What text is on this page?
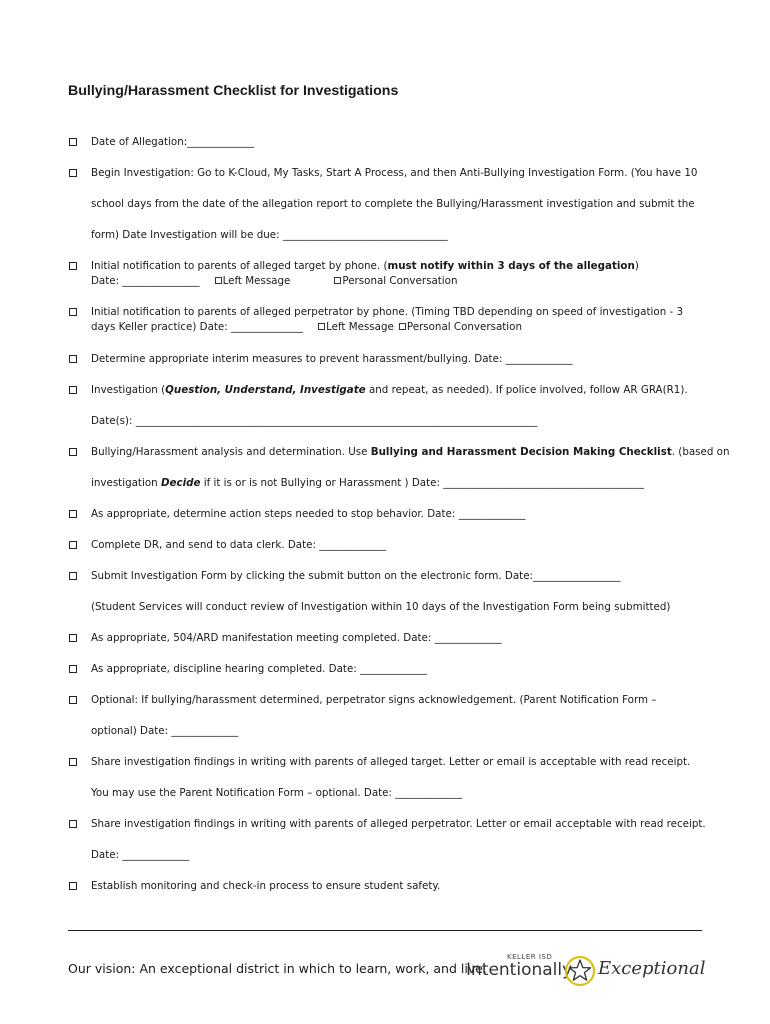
Bullying/Harassment Checklist for Investigations
Date of Allegation:_____________
Begin Investigation: Go to K-Cloud, My Tasks, Start A Process, and then Anti-Bullying Investigation Form. (You have 10
school days from the date of the allegation report to complete the Bullying/Harassment investigation and submit the
form) Date Investigation will be due: ________________________________
Initial notification to parents of alleged target by phone. (must notify within 3 days of the allegation)
Date: _______________ Left Message	Personal Conversation
Initial notification to parents of alleged perpetrator by phone. (Timing TBD depending on speed of investigation - 3
days Keller practice) Date: ______________ Left Message Personal Conversation
Determine appropriate interim measures to prevent harassment/bullying. Date: _____________
Investigation (Question, Understand, Investigate and repeat, as needed). If police involved, follow AR GRA(R1).
Date(s): ______________________________________________________________________________
Bullying/Harassment analysis and determination. Use Bullying and Harassment Decision Making Checklist. (based on
investigation Decide if it is or is not Bullying or Harassment ) Date: _______________________________________
As appropriate, determine action steps needed to stop behavior. Date: _____________
Complete DR, and send to data clerk. Date: _____________
Submit Investigation Form by clicking the submit button on the electronic form. Date:_________________
(Student Services will conduct review of Investigation within 10 days of the Investigation Form being submitted)
As appropriate, 504/ARD manifestation meeting completed. Date: _____________
As appropriate, discipline hearing completed. Date: _____________
Optional: If bullying/harassment determined, perpetrator signs acknowledgement. (Parent Notification Form –
optional) Date: _____________
Share investigation findings in writing with parents of alleged target. Letter or email is acceptable with read receipt.
You may use the Parent Notification Form – optional. Date: _____________
Share investigation findings in writing with parents of alleged perpetrator. Letter or email acceptable with read receipt.
Date: _____________
Establish monitoring and check-in process to ensure student safety.
Our vision: An exceptional district in which to learn, work, and live.
KELLER ISD
Intentionally Exceptional
